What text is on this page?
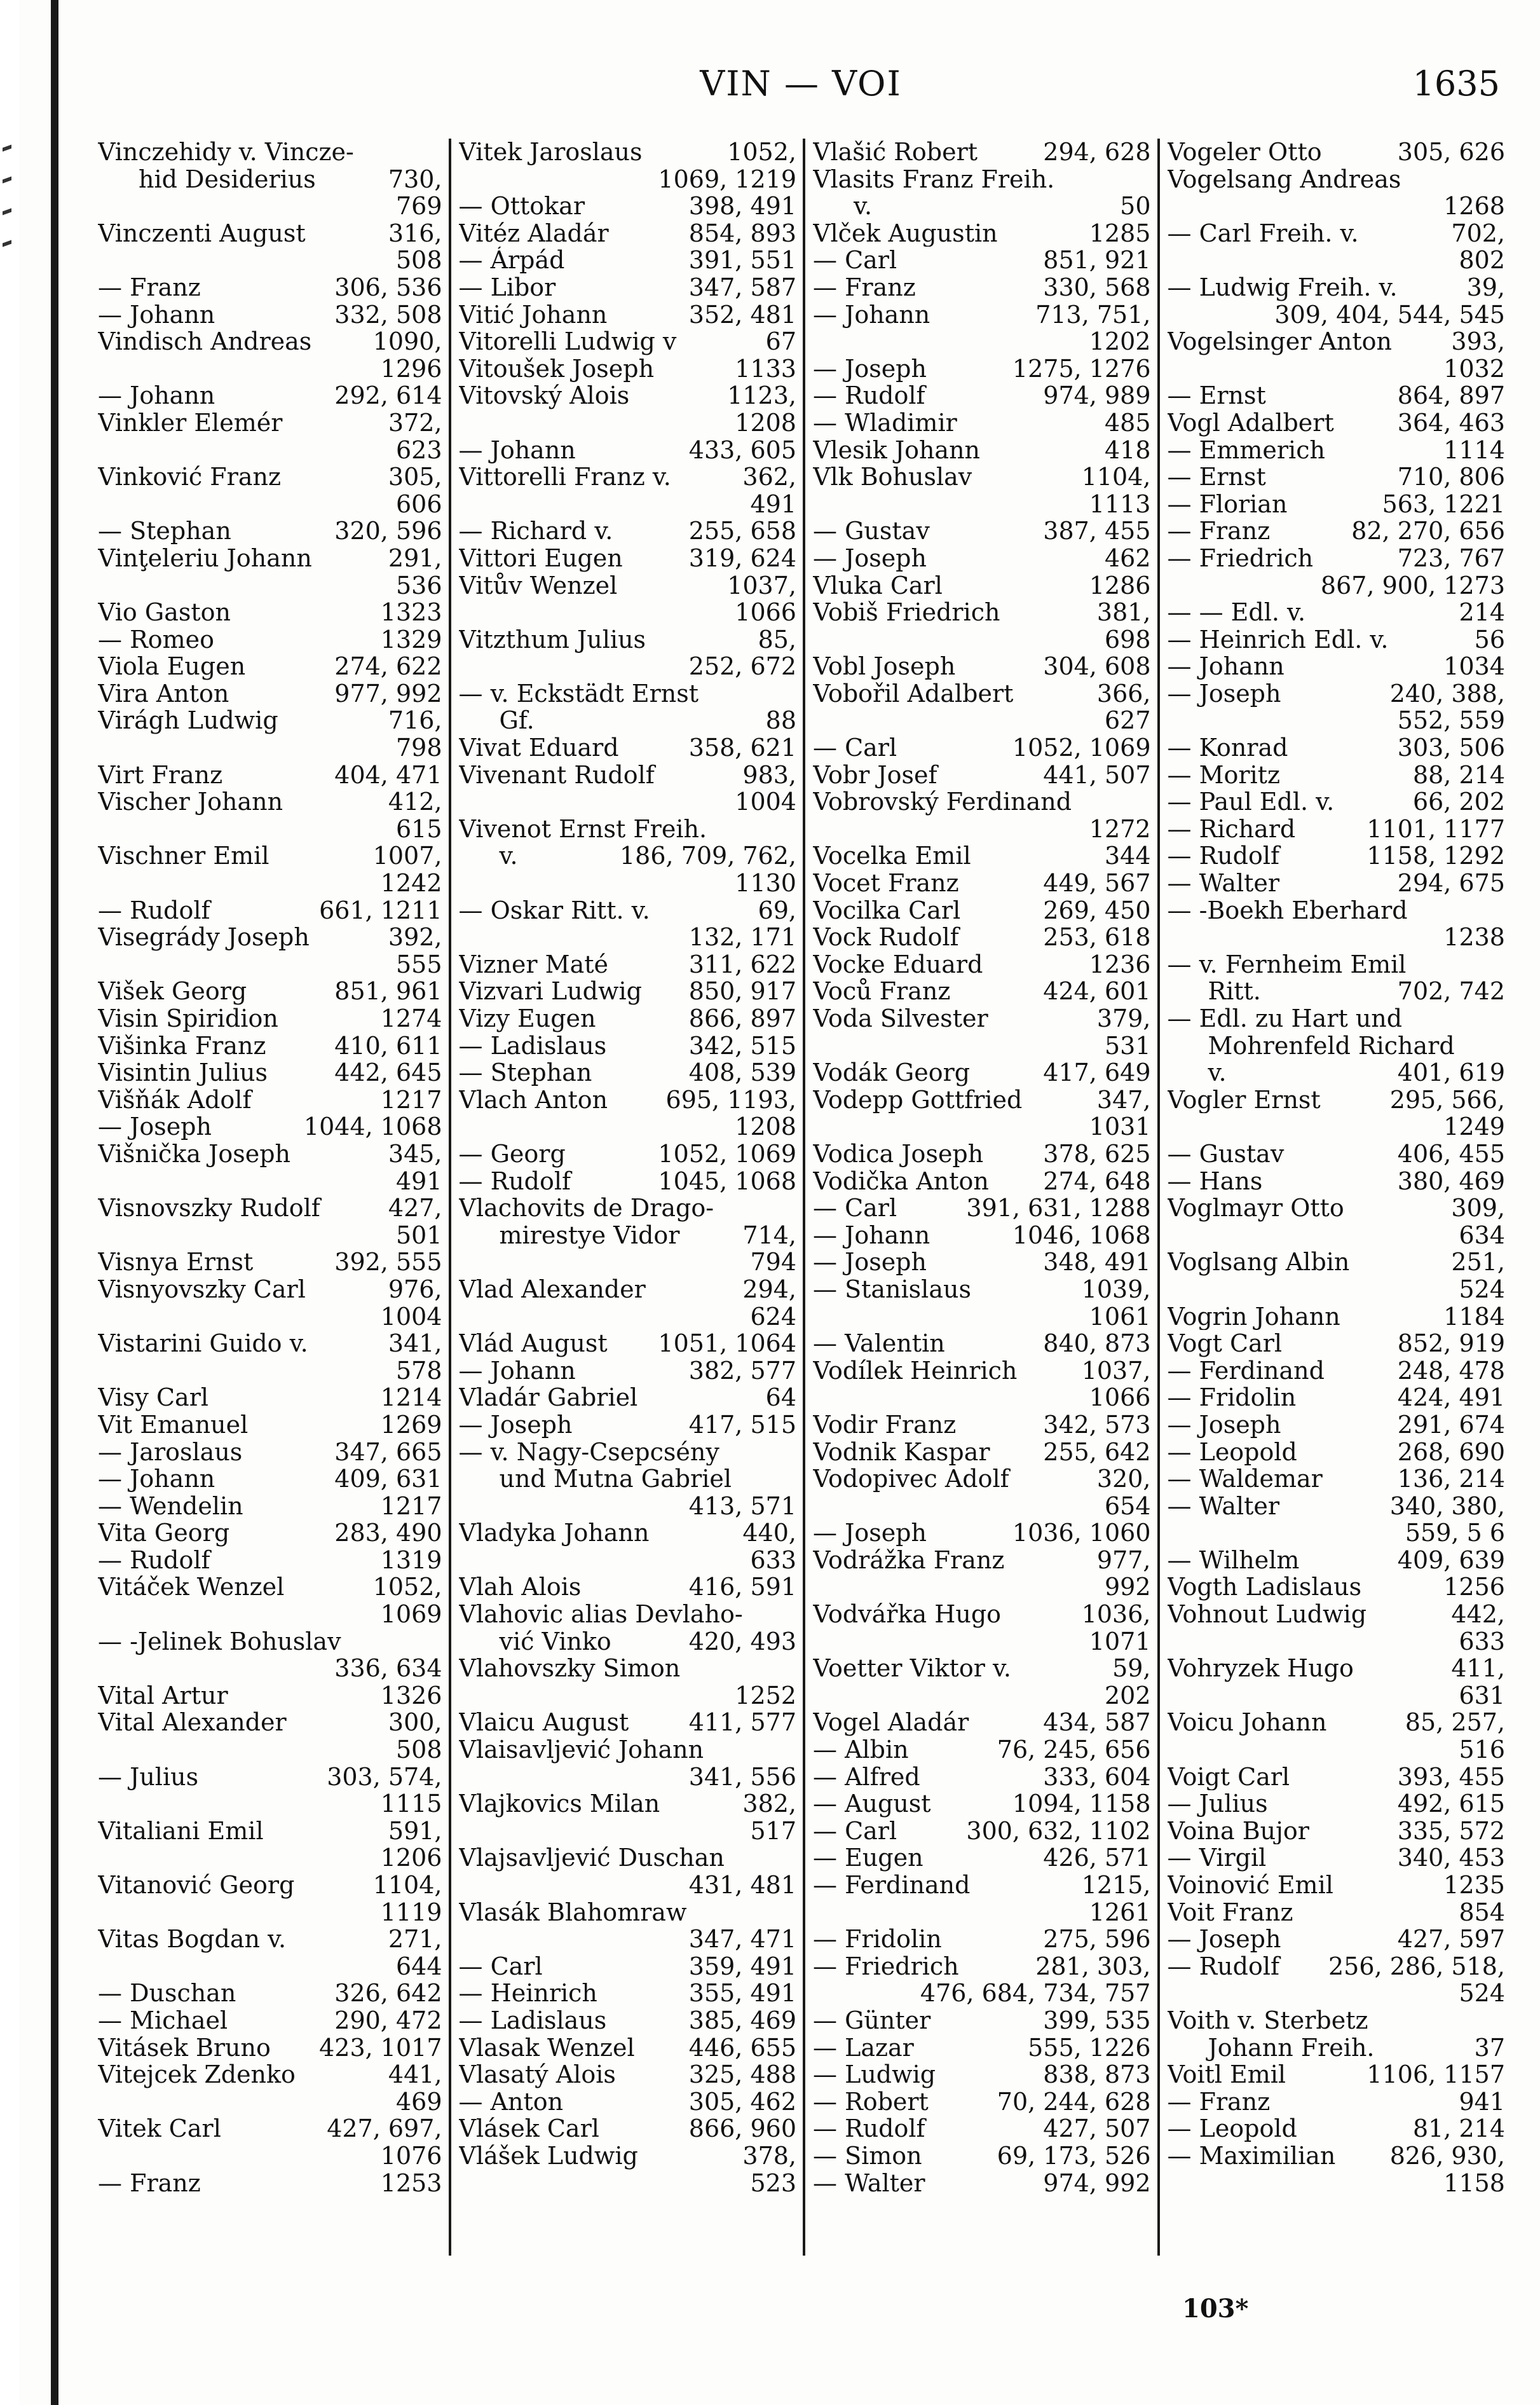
VIN — VOI	1635
Vinczehidy v. Vincze-
hid Desiderius	730,
769
Vinczenti August	316,
508
— Franz	306, 536
— Johann	332, 508
Vindisch Andreas	1090,
1296
— Johann	292, 614
Vinkler Elemér	372,
623
Vinković Franz	305,
606
— Stephan	320, 596
Vinţeleriu Johann	291,
536
Vio Gaston	1323
— Romeo	1329
Viola Eugen	274, 622
Vira Anton	977, 992
Virágh Ludwig	716,
798
Virt Franz	404, 471
Vischer Johann	412,
615
Vischner Emil	1007,
1242
— Rudolf	661, 1211
Visegrády Joseph	392,
555
Višek Georg	851, 961
Visin Spiridion	1274
Višinka Franz	410, 611
Visintin Julius	442, 645
Višňák Adolf	1217
— Joseph	1044, 1068
Višnička Joseph	345,
491
Visnovszky Rudolf	427,
501
Visnya Ernst	392, 555
Visnyovszky Carl	976,
1004
Vistarini Guido v.	341,
578
Visy Carl	1214
Vit Emanuel	1269
— Jaroslaus	347, 665
— Johann	409, 631
— Wendelin	1217
Vita Georg	283, 490
— Rudolf	1319
Vitáček Wenzel	1052,
1069
— -Jelinek Bohuslav
336, 634
Vital Artur	1326
Vital Alexander	300,
508
— Julius	303, 574,
1115
Vitaliani Emil	591,
1206
Vitanović Georg	1104,
1119
Vitas Bogdan v.	271,
644
— Duschan	326, 642
— Michael	290, 472
Vitásek Bruno 423, 1017
Vitejcek Zdenko	441,
469
Vitek Carl	427, 697,
1076
— Franz	1253
Vitek Jaroslaus	1052,
1069, 1219
— Ottokar	398, 491
Vitéz Aladár	854, 893
— Árpád	391, 551
— Libor	347, 587
Vitić Johann	352, 481
Vitorelli Ludwig v	67
Vitoušek Joseph	1133
Vitovský Alois	1123,
1208
— Johann	433, 605
Vittorelli Franz v.	362,
491
— Richard v.	255, 658
Vittori Eugen	319, 624
Vitův Wenzel	1037,
1066
Vitzthum Julius	85,
252, 672
— v. Eckstädt Ernst
Gf.	88
Vivat Eduard	358, 621
Vivenant Rudolf	983,
1004
Vivenot Ernst Freih.
v.	186, 709, 762,
1130
— Oskar Ritt. v.	69,
132, 171
Vizner Maté	311, 622
Vizvari Ludwig 850, 917
Vizy Eugen	866, 897
— Ladislaus	342, 515
— Stephan	408, 539
Vlach Anton 695, 1193,
1208
— Georg	1052, 1069
— Rudolf	1045, 1068
Vlachovits de Drago-
mirestye Vidor	714,
794
Vlad Alexander	294,
624
Vlád August 1051, 1064
— Johann	382, 577
Vladár Gabriel	64
— Joseph	417, 515
— v. Nagy-Csepcsény
und Mutna Gabriel
413, 571
Vladyka Johann	440,
633
Vlah Alois	416, 591
Vlahovic alias Devlaho-
vić Vinko	420, 493
Vlahovszky Simon
1252
Vlaicu August 411, 577
Vlaisavljević Johann
341, 556
Vlajkovics Milan	382,
517
Vlajsavljević Duschan
431, 481
Vlasák Blahomraw
347, 471
— Carl	359, 491
— Heinrich	355, 491
— Ladislaus	385, 469
Vlasak Wenzel 446, 655
Vlasatý Alois	325, 488
— Anton	305, 462
Vlásek Carl	866, 960
Vlášek Ludwig	378,
523
Vlašić Robert	294, 628
Vlasits Franz Freih.
v.	50
Vlček Augustin	1285
— Carl	851, 921
— Franz	330, 568
— Johann	713, 751,
1202
— Joseph	1275, 1276
— Rudolf	974, 989
— Wladimir	485
Vlesik Johann	418
Vlk Bohuslav	1104,
1113
— Gustav	387, 455
— Joseph	462
Vluka Carl	1286
Vobiš Friedrich	381,
698
Vobl Joseph	304, 608
Vobořil Adalbert	366,
627
— Carl	1052, 1069
Vobr Josef	441, 507
Vobrovský Ferdinand
1272
Vocelka Emil	344
Vocet Franz	449, 567
Vocilka Carl	269, 450
Vock Rudolf	253, 618
Vocke Eduard	1236
Voců Franz	424, 601
Voda Silvester	379,
531
Vodák Georg	417, 649
Vodepp Gottfried	347,
1031
Vodica Joseph 378, 625
Vodička Anton 274, 648
— Carl	391, 631, 1288
— Johann	1046, 1068
— Joseph	348, 491
— Stanislaus	1039,
1061
— Valentin	840, 873
Vodílek Heinrich	1037,
1066
Vodir Franz	342, 573
Vodnik Kaspar 255, 642
Vodopivec Adolf	320,
654
— Joseph	1036, 1060
Vodrážka Franz	977,
992
Vodvářka Hugo	1036,
1071
Voetter Viktor v.	59,
202
Vogel Aladár	434, 587
— Albin	76, 245, 656
— Alfred	333, 604
— August	1094, 1158
— Carl	300, 632, 1102
— Eugen	426, 571
— Ferdinand	1215,
1261
— Fridolin	275, 596
— Friedrich	281, 303,
476, 684, 734, 757
— Günter	399, 535
— Lazar	555, 1226
— Ludwig	838, 873
— Robert	70, 244, 628
— Rudolf	427, 507
— Simon	69, 173, 526
— Walter	974, 992
Vogeler Otto	305, 626
Vogelsang Andreas
1268
— Carl Freih. v.	702,
802
— Ludwig Freih. v.	39,
309, 404, 544, 545
Vogelsinger Anton 393,
1032
— Ernst	864, 897
Vogl Adalbert	364, 463
— Emmerich	1114
— Ernst	710, 806
— Florian	563, 1221
— Franz	82, 270, 656
— Friedrich	723, 767
867, 900, 1273
— — Edl. v.	214
— Heinrich Edl. v.	56
— Johann	1034
— Joseph	240, 388,
552, 559
— Konrad	303, 506
— Moritz	88, 214
— Paul Edl. v.	66, 202
— Richard	1101, 1177
— Rudolf	1158, 1292
— Walter	294, 675
— -Boekh Eberhard
1238
— v. Fernheim Emil
Ritt.	702, 742
— Edl. zu Hart und
Mohrenfeld Richard
v.	401, 619
Vogler Ernst	295, 566,
1249
— Gustav	406, 455
— Hans	380, 469
Voglmayr Otto	309,
634
Voglsang Albin	251,
524
Vogrin Johann	1184
Vogt Carl	852, 919
— Ferdinand	248, 478
— Fridolin	424, 491
— Joseph	291, 674
— Leopold	268, 690
— Waldemar	136, 214
— Walter	340, 380,
559, 5 6
— Wilhelm	409, 639
Vogth Ladislaus	1256
Vohnout Ludwig	442,
633
Vohryzek Hugo	411,
631
Voicu Johann	85, 257,
516
Voigt Carl	393, 455
— Julius	492, 615
Voina Bujor	335, 572
— Virgil	340, 453
Voinović Emil	1235
Voit Franz	854
— Joseph	427, 597
— Rudolf 256, 286, 518,
524
Voith v. Sterbetz
Johann Freih.	37
Voitl Emil	1106, 1157
— Franz	941
— Leopold	81, 214
— Maximilian 826, 930,
1158
103*
